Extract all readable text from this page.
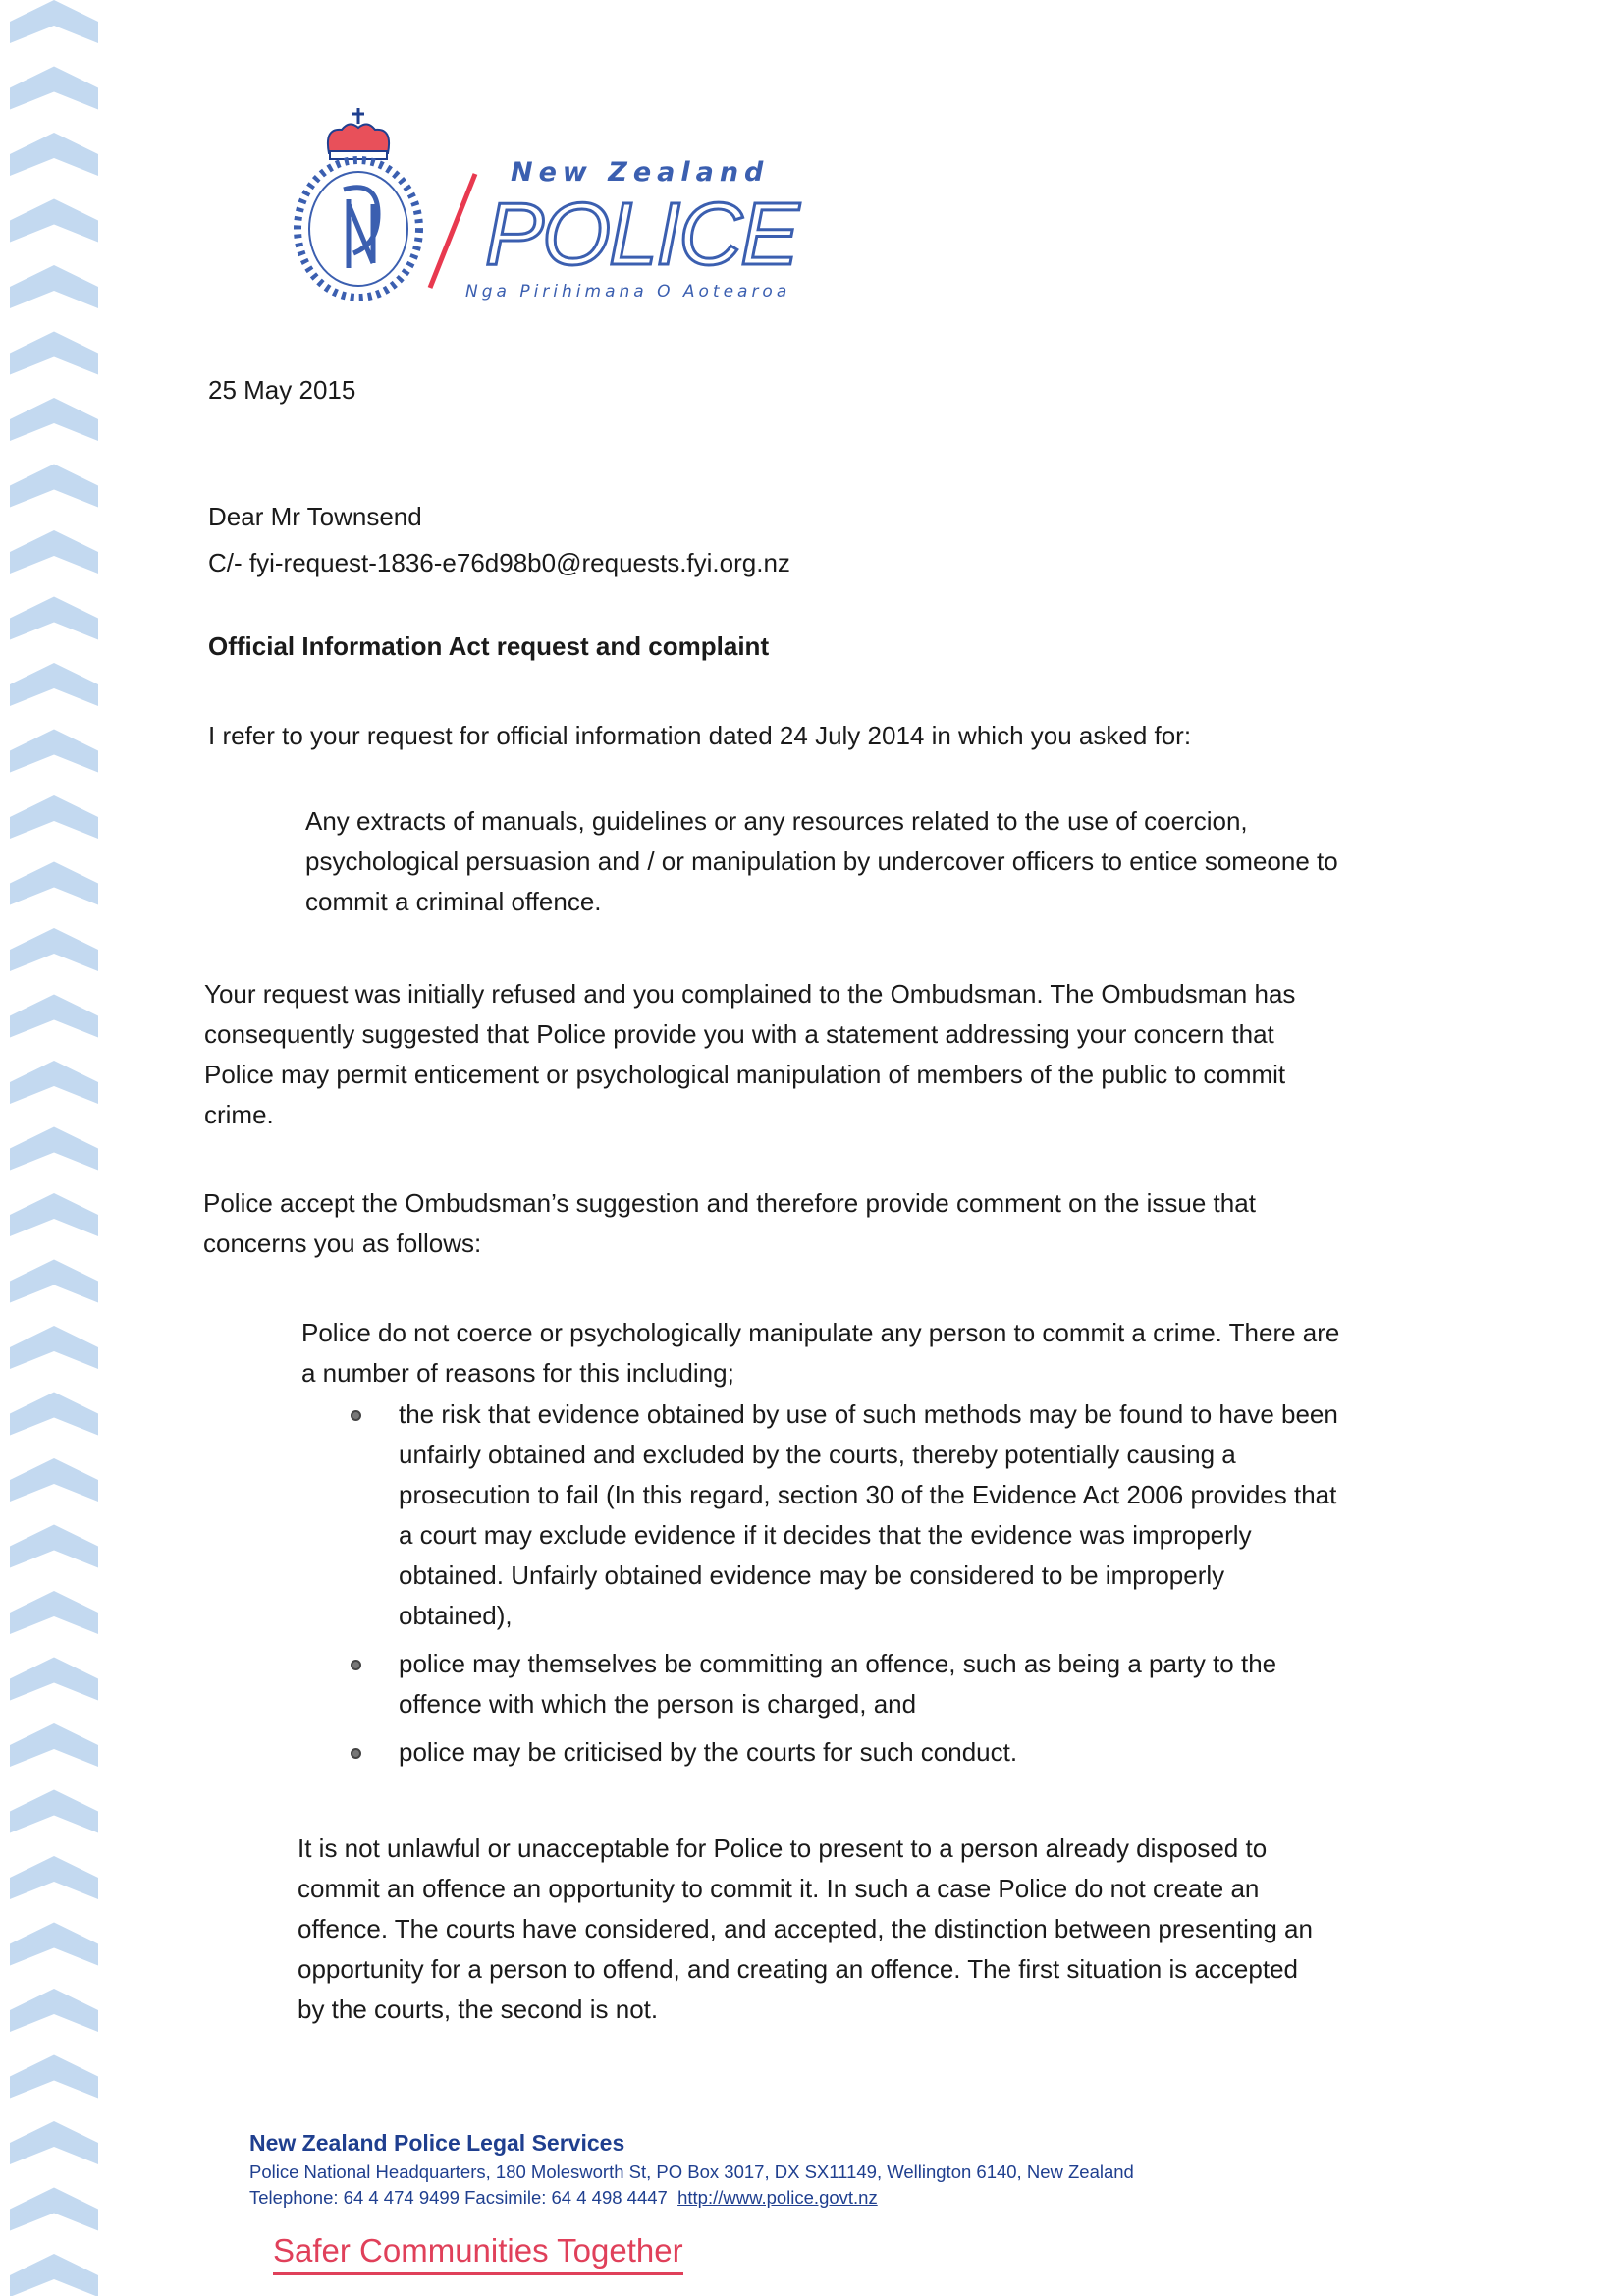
New Zealand
POLICE
Nga Pirihimana O Aotearoa
25 May 2015
Dear Mr Townsend
C/- fyi-request-1836-e76d98b0@requests.fyi.org.nz
Official Information Act request and complaint
I refer to your request for official information dated 24 July 2014 in which you asked for:
Any extracts of manuals, guidelines or any resources related to the use of coercion,
psychological persuasion and / or manipulation by undercover officers to entice someone to
commit a criminal offence.
Your request was initially refused and you complained to the Ombudsman. The Ombudsman has
consequently suggested that Police provide you with a statement addressing your concern that
Police may permit enticement or psychological manipulation of members of the public to commit
crime.
Police accept the Ombudsman’s suggestion and therefore provide comment on the issue that
concerns you as follows:
Police do not coerce or psychologically manipulate any person to commit a crime. There are
a number of reasons for this including;
the risk that evidence obtained by use of such methods may be found to have been
unfairly obtained and excluded by the courts, thereby potentially causing a
prosecution to fail (In this regard, section 30 of the Evidence Act 2006 provides that
a court may exclude evidence if it decides that the evidence was improperly
obtained. Unfairly obtained evidence may be considered to be improperly
obtained),
police may themselves be committing an offence, such as being a party to the
offence with which the person is charged, and
police may be criticised by the courts for such conduct.
It is not unlawful or unacceptable for Police to present to a person already disposed to
commit an offence an opportunity to commit it. In such a case Police do not create an
offence. The courts have considered, and accepted, the distinction between presenting an
opportunity for a person to offend, and creating an offence. The first situation is accepted
by the courts, the second is not.
New Zealand Police Legal Services
Police National Headquarters, 180 Molesworth St, PO Box 3017, DX SX11149, Wellington 6140, New Zealand
Telephone: 64 4 474 9499 Facsimile: 64 4 498 4447 http://www.police.govt.nz
Safer Communities Together
